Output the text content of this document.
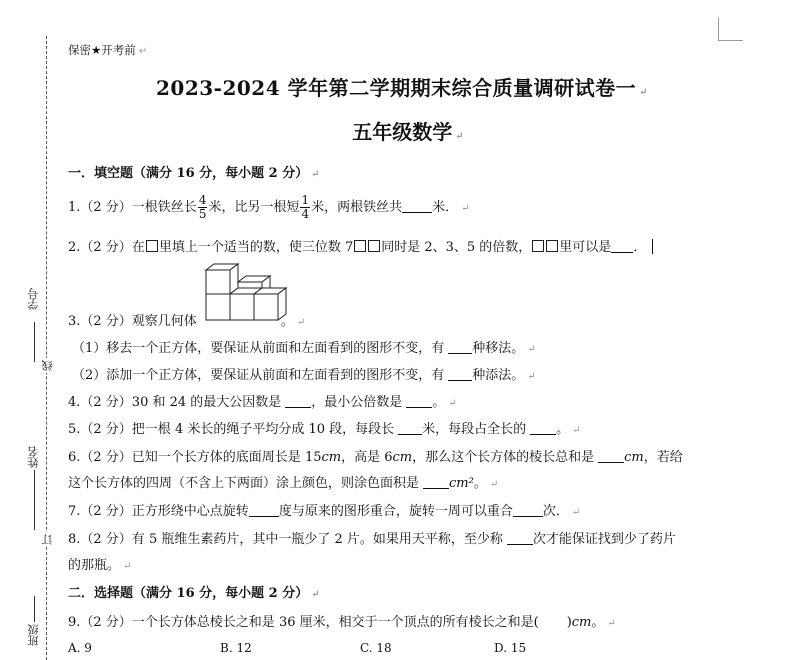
学号
线
姓名
订
班级
保密★开考前 ↵
2023-2024 学年第二学期期末综合质量调研试卷一 ↵
五年级数学 ↵
一．填空题（满分 16 分，每小题 2 分） ↵
1.（2 分）一根铁丝长 $\frac{4}{5}$ 米，比另一根短 $\frac{1}{4}$ 米，两根铁丝共 米． ↵
2.（2 分）在 里填上一个适当的数，使三位数 7 同时是 2、3、5 的倍数， 里可以是 ．
3.（2 分）观察几何体	。 ↵
（1）移去一个正方体，要保证从前面和左面看到的图形不变，有 种移法。 ↵
（2）添加一个正方体，要保证从前面和左面看到的图形不变，有 种添法。 ↵
4.（2 分）30 和 24 的最大公因数是 ，最小公倍数是 。 ↵
5.（2 分）把一根 4 米长的绳子平均分成 10 段，每段长 米，每段占全长的 。 ↵
6.（2 分）已知一个长方体的底面周长是 15cm，高是 6cm，那么这个长方体的棱长总和是 cm，若给
这个长方体的四周（不含上下两面）涂上颜色，则涂色面积是 cm²。 ↵
7.（2 分）正方形绕中心点旋转 度与原来的图形重合，旋转一周可以重合 次． ↵
8.（2 分）有 5 瓶维生素药片，其中一瓶少了 2 片。如果用天平称，至少称 次才能保证找到少了药片
的那瓶。 ↵
二．选择题（满分 16 分，每小题 2 分） ↵
9.（2 分）一个长方体总棱长之和是 36 厘米，相交于一个顶点的所有棱长之和是( )cm。 ↵
A. 9	B. 12	C. 18	D. 15
